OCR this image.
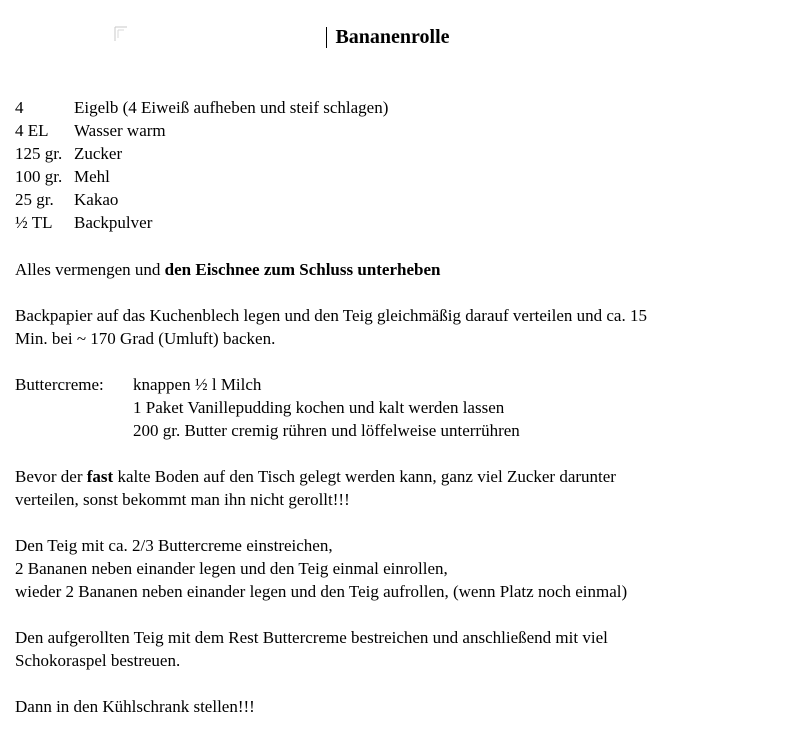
Bananenrolle
4	Eigelb (4 Eiweiß aufheben und steif schlagen)
4 EL	Wasser warm
125 gr. Zucker
100 gr. Mehl
25 gr.	Kakao
½ TL	Backpulver
Alles vermengen und den Eischnee zum Schluss unterheben
Backpapier auf das Kuchenblech legen und den Teig gleichmäßig darauf verteilen und ca. 15
Min. bei ~ 170 Grad (Umluft) backen.
Buttercreme: knappen ½ l Milch
1 Paket Vanillepudding kochen und kalt werden lassen
200 gr. Butter cremig rühren und löffelweise unterrühren
Bevor der fast kalte Boden auf den Tisch gelegt werden kann, ganz viel Zucker darunter
verteilen, sonst bekommt man ihn nicht gerollt!!!
Den Teig mit ca. 2/3 Buttercreme einstreichen,
2 Bananen neben einander legen und den Teig einmal einrollen,
wieder 2 Bananen neben einander legen und den Teig aufrollen, (wenn Platz noch einmal)
Den aufgerollten Teig mit dem Rest Buttercreme bestreichen und anschließend mit viel
Schokoraspel bestreuen.
Dann in den Kühlschrank stellen!!!
